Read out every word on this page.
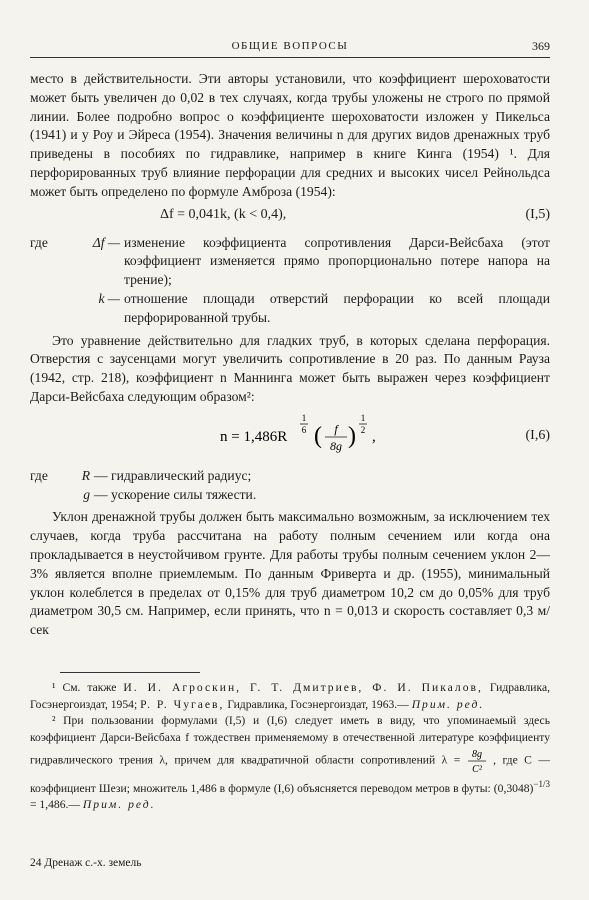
ОБЩИЕ ВОПРОСЫ	369

место в действительности. Эти авторы установили, что коэффициент шероховатости может быть увеличен до 0,02 в тех случаях, когда трубы уложены не строго по прямой линии. Более подробно вопрос о коэффициенте шероховатости изложен у Пикельса (1941) и у Роу и Эйреса (1954). Значения величины n для других видов дренажных труб приведены в пособиях по гидравлике, например в книге Кинга (1954) ¹. Для перфорированных труб влияние перфорации для средних и высоких чисел Рейнольдса может быть определено по формуле Амброза (1954):

Δf = 0,041k, (k < 0,4),	(I,5)
где	Δf — изменение коэффициента сопротивления Дарси-Вейсбаха (этот коэффициент изменяется прямо пропорционально потере напора на трение);
k — отношение площади отверстий перфорации ко всей площади перфорированной трубы.

Это уравнение действительно для гладких труб, в которых сделана перфорация. Отверстия с заусенцами могут увеличить сопротивление в 20 раз. По данным Рауза (1942, стр. 218), коэффициент n Маннинга может быть выражен через коэффициент Дарси-Вейсбаха следующим образом²:

n = 1,486R
1
6 ( f
8g )
1
2 ,	(I,6)
где	R — гидравлический радиус;
g — ускорение силы тяжести.

Уклон дренажной трубы должен быть максимально возможным, за исключением тех случаев, когда труба рассчитана на работу полным сечением или когда она прокладывается в неустойчивом грунте. Для работы трубы полным сечением уклон 2—3% является вполне приемлемым. По данным Фриверта и др. (1955), минимальный уклон колеблется в пределах от 0,15% для труб диаметром 10,2 см до 0,05% для труб диаметром 30,5 см. Например, если принять, что n = 0,013 и скорость составляет 0,3 м/сек

¹ См. также И. И. Агроскин, Г. Т. Дмитриев, Ф. И. Пикалов, Гидравлика, Госэнергоиздат, 1954; Р. Р. Чугаев, Гидравлика, Госэнергоиздат, 1963.— Прим. ред.

² При пользовании формулами (I,5) и (I,6) следует иметь в виду, что упоминаемый здесь коэффициент Дарси-Вейсбаха f тождествен применяемому в отечественной литературе коэффициенту гидравлического трения λ, причем для квадратичной области сопротивлений λ = 8g
C²
, где C — коэффициент Шези; множитель 1,486 в формуле (I,6) объясняется переводом метров в футы: $(0,3048)^{-1/3}$ = 1,486.— Прим. ред.

24 Дренаж с.-х. земель
